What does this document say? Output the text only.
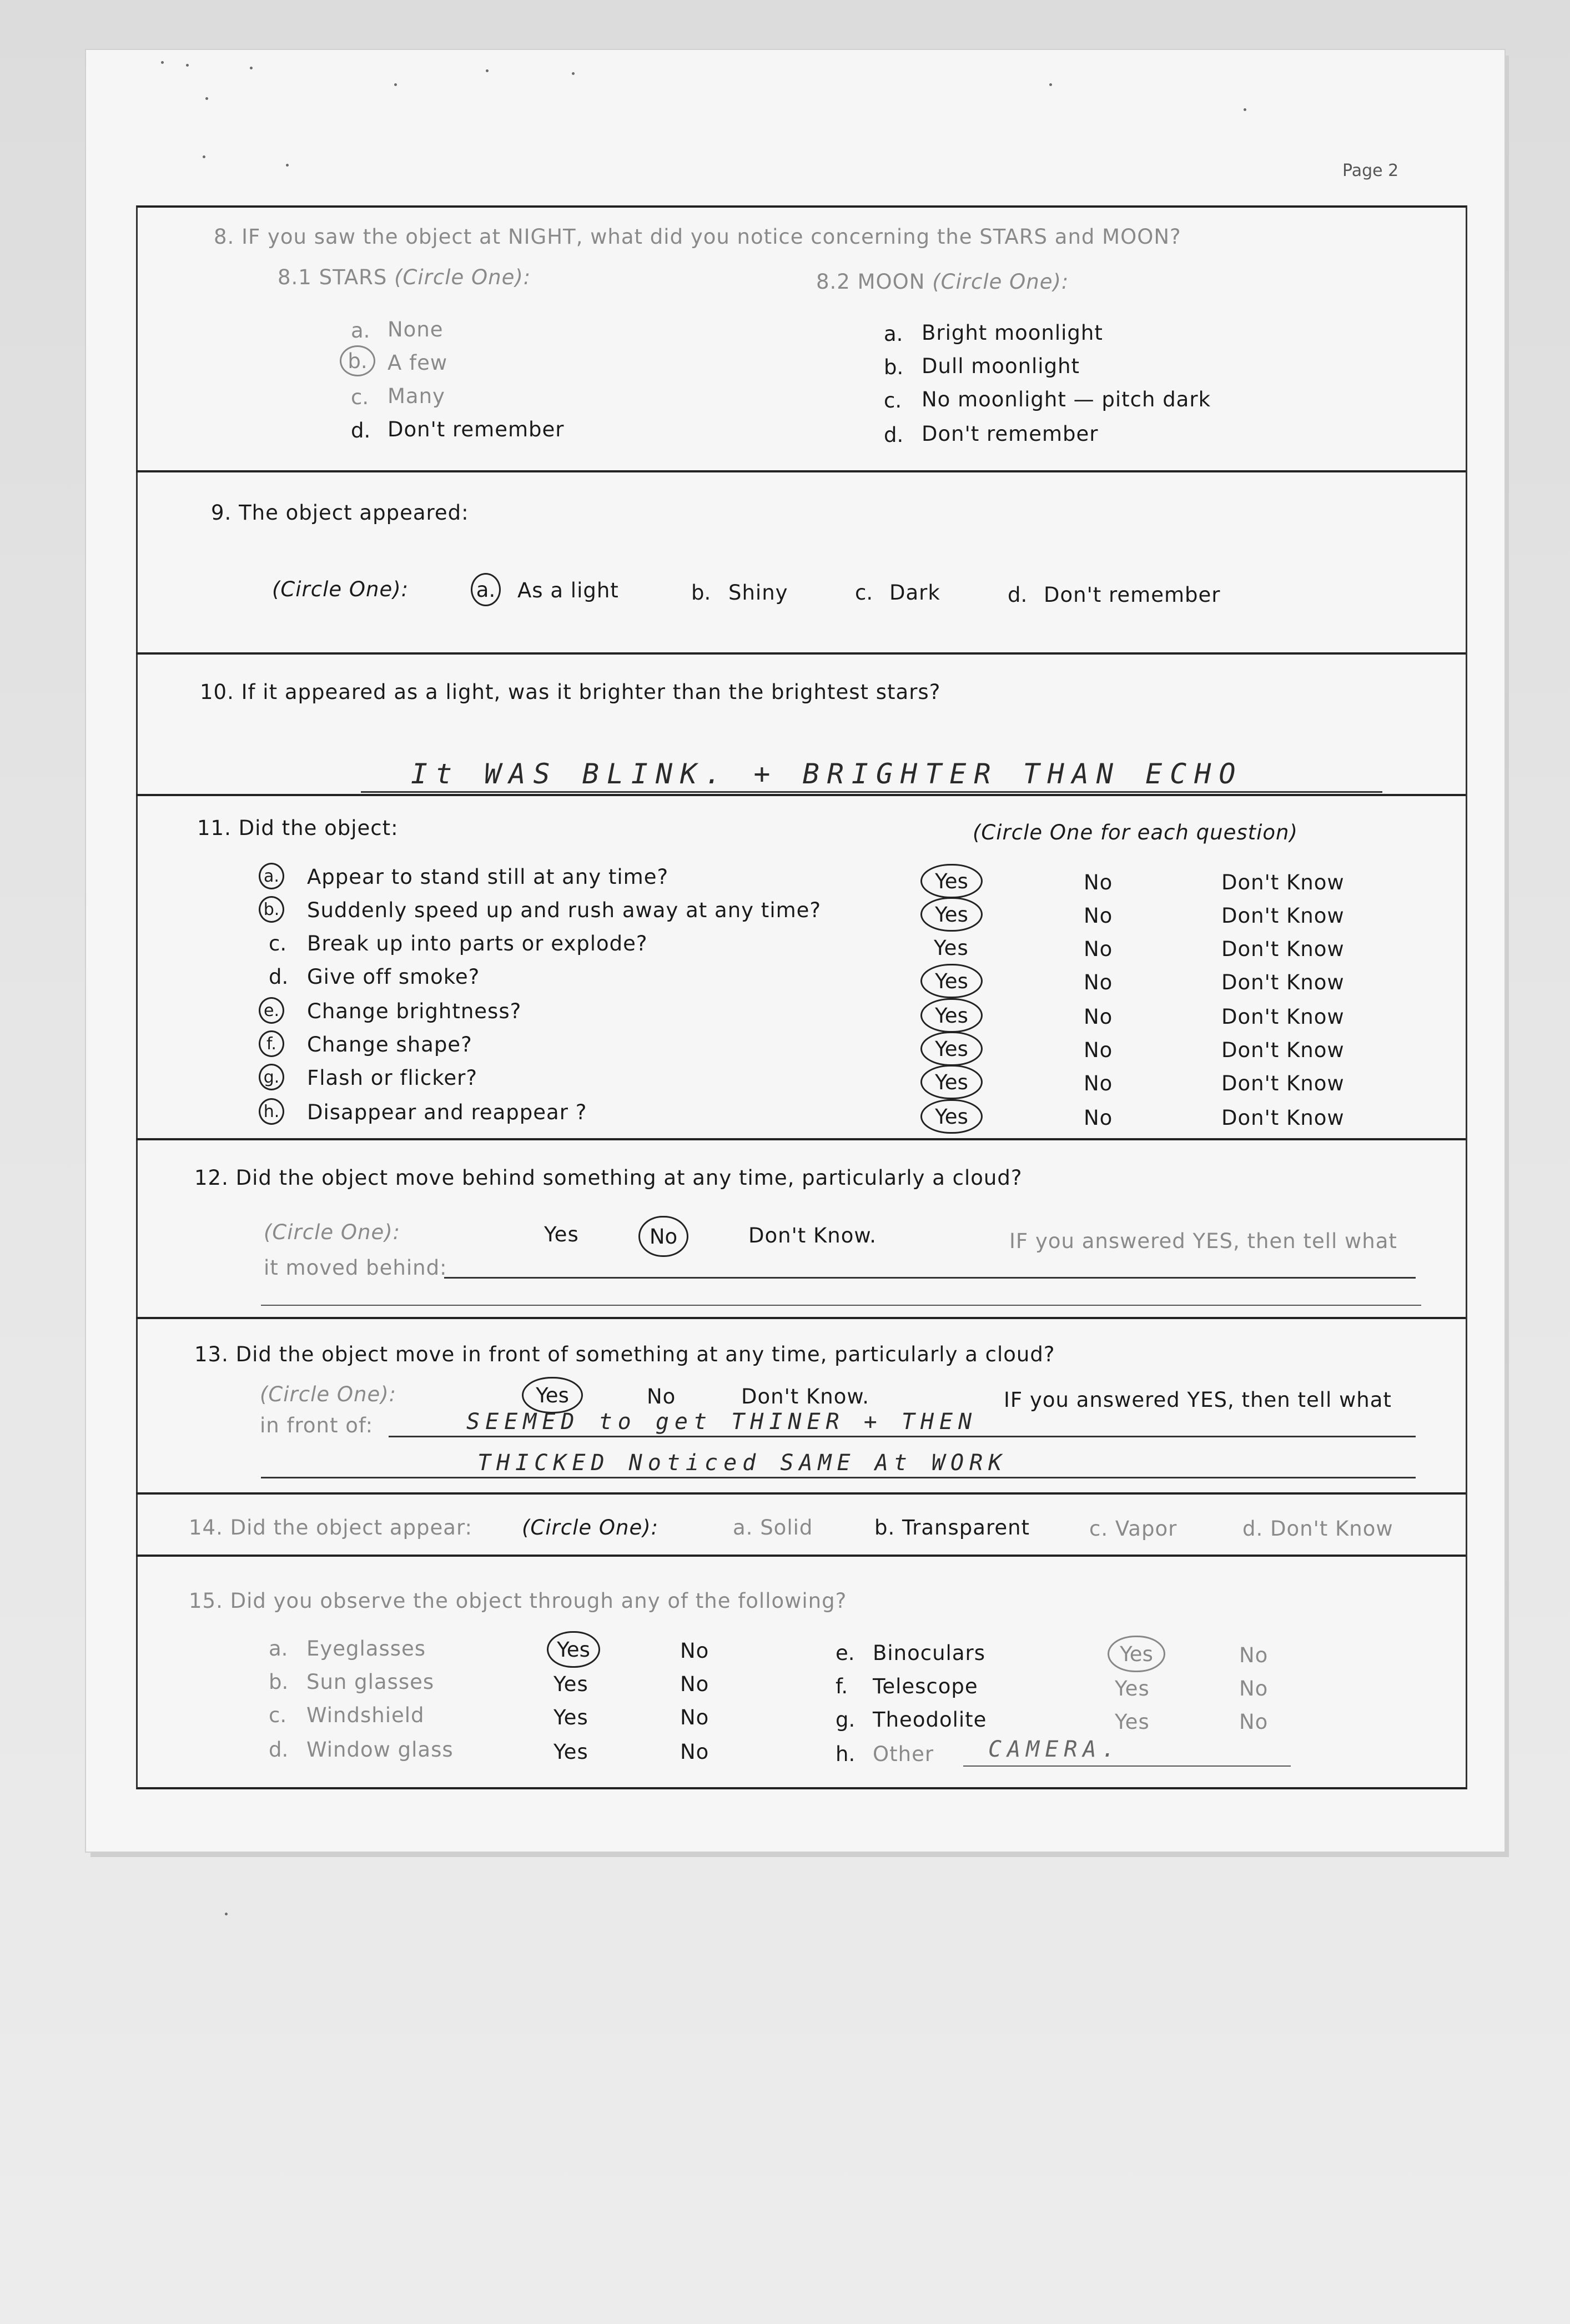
Page 2
8. IF you saw the object at NIGHT, what did you notice concerning the STARS and MOON?
8.1 STARS (Circle One):	8.2 MOON (Circle One):
a. None
b. A few
c. Many
d. Don't remember
a. Bright moonlight
b. Dull moonlight
c. No moonlight — pitch dark
d. Don't remember
9. The object appeared:
(Circle One):	a. As a light	b. Shiny	c. Dark	d. Don't remember
10. If it appeared as a light, was it brighter than the brightest stars?
It WAS BLINK. + BRIGHTER THAN ECHO
11. Did the object:	(Circle One for each question)
a. Appear to stand still at any time?	Yes	No	Don't Know
b. Suddenly speed up and rush away at any time?	Yes	No	Don't Know
c. Break up into parts or explode?	Yes	No	Don't Know
d. Give off smoke?	Yes	No	Don't Know
e. Change brightness?	Yes	No	Don't Know
f. Change shape?	Yes	No	Don't Know
g. Flash or flicker?	Yes	No	Don't Know
h. Disappear and reappear ?	Yes	No	Don't Know
12. Did the object move behind something at any time, particularly a cloud?
(Circle One):	Yes	No	Don't Know.	IF you answered YES, then tell what
it moved behind:
13. Did the object move in front of something at any time, particularly a cloud?
(Circle One):	Yes	No	Don't Know.	IF you answered YES, then tell what
in front of:	SEEMED to get THINER + THEN
THICKED Noticed SAME At WORK
14. Did the object appear: (Circle One):	a. Solid	b. Transparent	c. Vapor	d. Don't Know
15. Did you observe the object through any of the following?
a. Eyeglasses	Yes	No
b. Sun glasses	Yes	No
c. Windshield	Yes	No
d. Window glass	Yes	No
e. Binoculars	Yes	No
f. Telescope	Yes	No
g. Theodolite	Yes	No
h. Other CAMERA.
